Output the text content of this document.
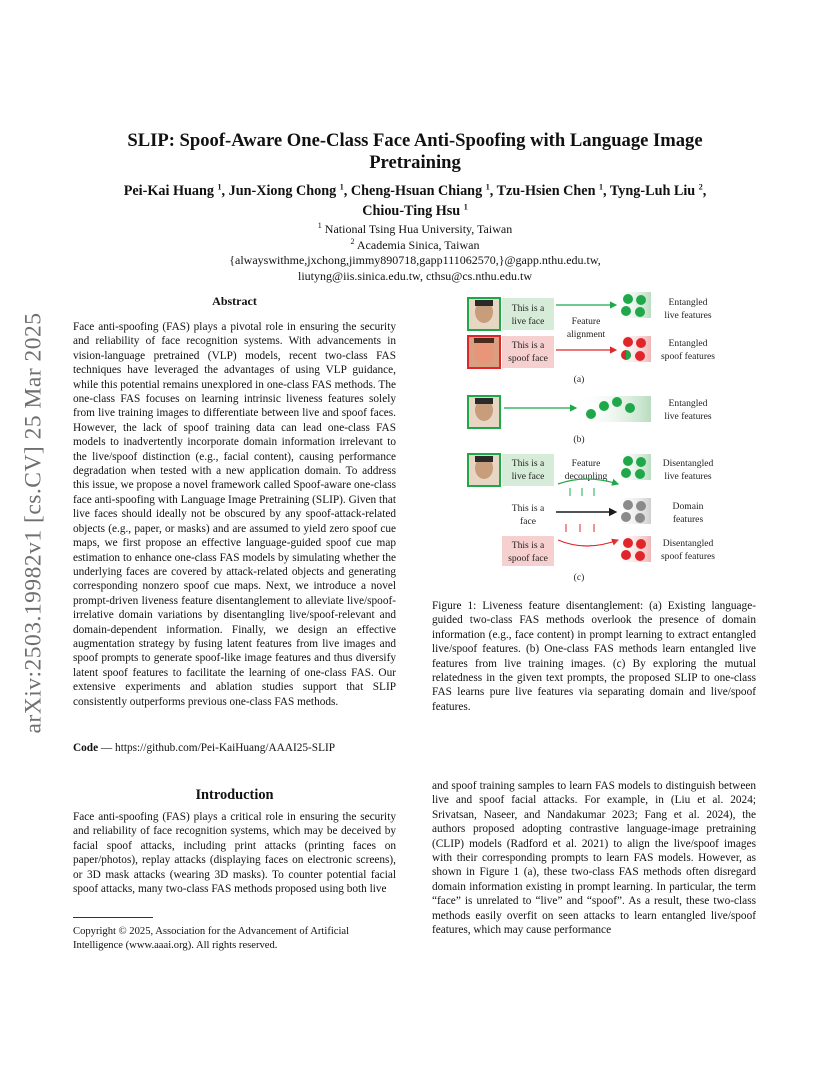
arXiv:2503.19982v1 [cs.CV] 25 Mar 2025
SLIP: Spoof-Aware One-Class Face Anti-Spoofing with Language Image Pretraining
Pei-Kai Huang $^1$, Jun-Xiong Chong $^1$, Cheng-Hsuan Chiang $^1$, Tzu-Hsien Chen $^1$, Tyng-Luh Liu $^2$,
Chiou-Ting Hsu $^1$
$^1$ National Tsing Hua University, Taiwan
$^2$ Academia Sinica, Taiwan
{alwayswithme,jxchong,jimmy890718,gapp111062570,}@gapp.nthu.edu.tw,
liutyng@iis.sinica.edu.tw, cthsu@cs.nthu.edu.tw
Abstract

Face anti-spoofing (FAS) plays a pivotal role in ensuring the security and reliability of face recognition systems. With advancements in vision-language pretrained (VLP) models, recent two-class FAS techniques have leveraged the advantages of using VLP guidance, while this potential remains unexplored in one-class FAS methods. The one-class FAS focuses on learning intrinsic liveness features solely from live training images to differentiate between live and spoof faces. However, the lack of spoof training data can lead one-class FAS models to inadvertently incorporate domain information irrelevant to the live/spoof distinction (e.g., facial content), causing performance degradation when tested with a new application domain. To address this issue, we propose a novel framework called Spoof-aware one-class face anti-spoofing with Language Image Pretraining (SLIP). Given that live faces should ideally not be obscured by any spoof-attack-related objects (e.g., paper, or masks) and are assumed to yield zero spoof cue maps, we first propose an effective language-guided spoof cue map estimation to enhance one-class FAS models by simulating whether the underlying faces are covered by attack-related objects and generating corresponding nonzero spoof cue maps. Next, we introduce a novel prompt-driven liveness feature disentanglement to alleviate live/spoof-irrelative domain variations by disentangling live/spoof-relevant and domain-dependent information. Finally, we design an effective augmentation strategy by fusing latent features from live images and spoof prompts to generate spoof-like image features and thus diversify latent spoof features to facilitate the learning of one-class FAS. Our extensive experiments and ablation studies support that SLIP consistently outperforms previous one-class FAS methods.

Code — https://github.com/Pei-KaiHuang/AAAI25-SLIP
Introduction

Face anti-spoofing (FAS) plays a critical role in ensuring the security and reliability of face recognition systems, which may be deceived by facial spoof attacks, including print attacks (printing faces on paper/photos), replay attacks (displaying faces on electronic screens), or 3D mask attacks (wearing 3D masks). To counter potential facial spoof attacks, many two-class FAS methods proposed using both live

Copyright © 2025, Association for the Advancement of Artificial Intelligence (www.aaai.org). All rights reserved.
This is a
live face
This is a
spoof face
Feature
alignment
Entangled
live features
Entangled
spoof features
(a)
Entangled
live features
(b)
This is a
live face
Feature
decoupling
Disentangled
live features
This is a
face
Domain
features
This is a
spoof face
Disentangled
spoof features
(c)

Figure 1: Liveness feature disentanglement: (a) Existing language-guided two-class FAS methods overlook the presence of domain information (e.g., face content) in prompt learning to extract entangled live/spoof features. (b) One-class FAS methods learn entangled live features from live training images. (c) By exploring the mutual relatedness in the given text prompts, the proposed SLIP to one-class FAS learns pure live features via separating domain and live/spoof features.

and spoof training samples to learn FAS models to distinguish between live and spoof facial attacks. For example, in (Liu et al. 2024; Srivatsan, Naseer, and Nandakumar 2023; Fang et al. 2024), the authors proposed adopting contrastive language-image pretraining (CLIP) models (Radford et al. 2021) to align the live/spoof images with their corresponding prompts to learn FAS models. However, as shown in Figure 1 (a), these two-class FAS methods often disregard domain information existing in prompt learning. In particular, the term “face” is unrelated to “live” and “spoof”. As a result, these two-class methods easily overfit on seen attacks to learn entangled live/spoof features, which may cause performance
